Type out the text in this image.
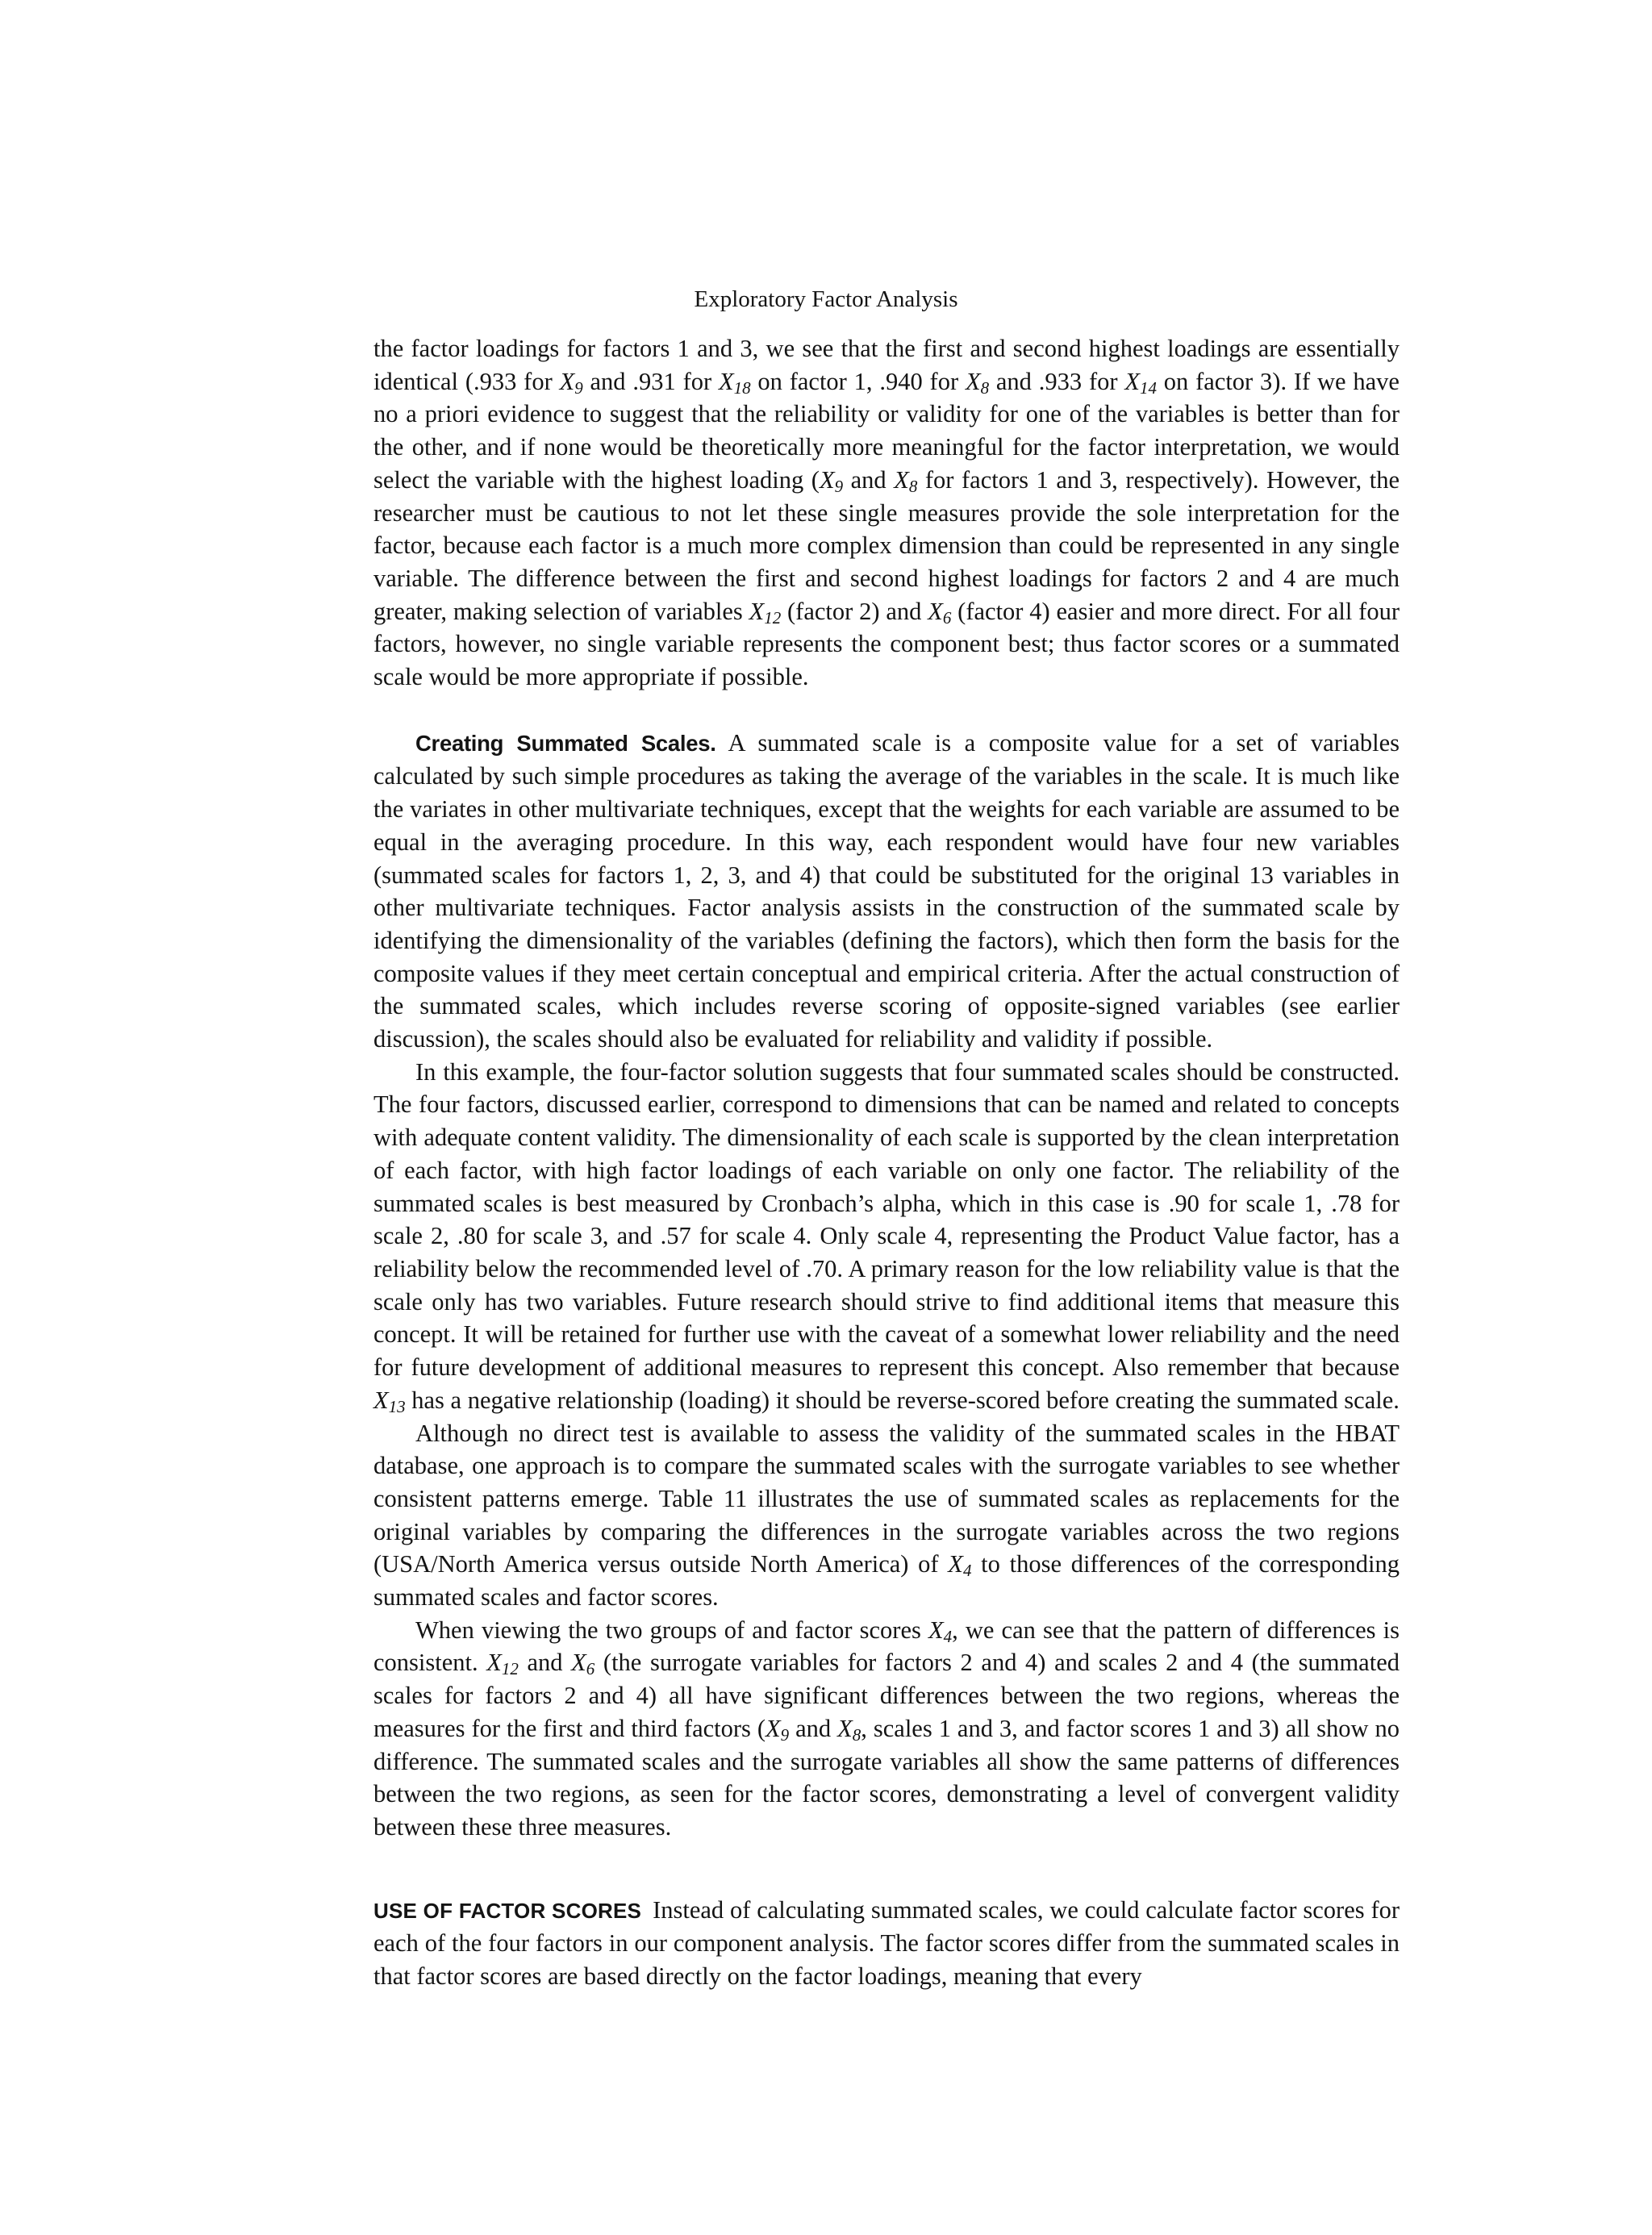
Exploratory Factor Analysis

the factor loadings for factors 1 and 3, we see that the first and second highest loadings are essentially identical (.933 for $X_9$ and .931 for $X_{18}$ on factor 1, .940 for $X_8$ and .933 for $X_{14}$ on factor 3). If we have no a priori evidence to suggest that the reliability or validity for one of the variables is better than for the other, and if none would be theoretically more meaningful for the factor interpretation, we would select the variable with the highest loading ($X_9$ and $X_8$ for factors 1 and 3, respectively). However, the researcher must be cautious to not let these single measures provide the sole interpretation for the factor, because each factor is a much more complex dimension than could be represented in any single variable. The difference between the first and second highest loadings for factors 2 and 4 are much greater, making selection of variables $X_{12}$ (factor 2) and $X_6$ (factor 4) easier and more direct. For all four factors, however, no single variable represents the component best; thus factor scores or a summated scale would be more appropriate if possible.

Creating Summated Scales. A summated scale is a composite value for a set of variables calculated by such simple procedures as taking the average of the variables in the scale. It is much like the variates in other multivariate techniques, except that the weights for each variable are assumed to be equal in the averaging procedure. In this way, each respondent would have four new variables (summated scales for factors 1, 2, 3, and 4) that could be substituted for the original 13 variables in other multivariate techniques. Factor analysis assists in the construction of the summated scale by identifying the dimensionality of the variables (defining the factors), which then form the basis for the composite values if they meet certain conceptual and empirical criteria. After the actual construction of the summated scales, which includes reverse scoring of opposite-signed variables (see earlier discussion), the scales should also be evaluated for reliability and validity if possible.

In this example, the four-factor solution suggests that four summated scales should be constructed. The four factors, discussed earlier, correspond to dimensions that can be named and related to concepts with adequate content validity. The dimensionality of each scale is supported by the clean interpretation of each factor, with high factor loadings of each variable on only one factor. The reliability of the summated scales is best measured by Cronbach’s alpha, which in this case is .90 for scale 1, .78 for scale 2, .80 for scale 3, and .57 for scale 4. Only scale 4, representing the Product Value factor, has a reliability below the recommended level of .70. A primary reason for the low reliability value is that the scale only has two variables. Future research should strive to find additional items that measure this concept. It will be retained for further use with the caveat of a somewhat lower reliability and the need for future development of additional measures to represent this concept. Also remember that because $X_{13}$ has a negative relationship (loading) it should be reverse-scored before creating the summated scale.

Although no direct test is available to assess the validity of the summated scales in the HBAT database, one approach is to compare the summated scales with the surrogate variables to see whether consistent patterns emerge. Table 11 illustrates the use of summated scales as replacements for the original variables by comparing the differences in the surrogate variables across the two regions (USA/North America versus outside North America) of $X_4$ to those differences of the corresponding summated scales and factor scores.

When viewing the two groups of and factor scores $X_4$, we can see that the pattern of differences is consistent. $X_{12}$ and $X_6$ (the surrogate variables for factors 2 and 4) and scales 2 and 4 (the summated scales for factors 2 and 4) all have significant differences between the two regions, whereas the measures for the first and third factors ($X_9$ and $X_8$, scales 1 and 3, and factor scores 1 and 3) all show no difference. The summated scales and the surrogate variables all show the same patterns of differences between the two regions, as seen for the factor scores, demonstrating a level of convergent validity between these three measures.

USE OF FACTOR SCORES Instead of calculating summated scales, we could calculate factor scores for each of the four factors in our component analysis. The factor scores differ from the summated scales in that factor scores are based directly on the factor loadings, meaning that every
